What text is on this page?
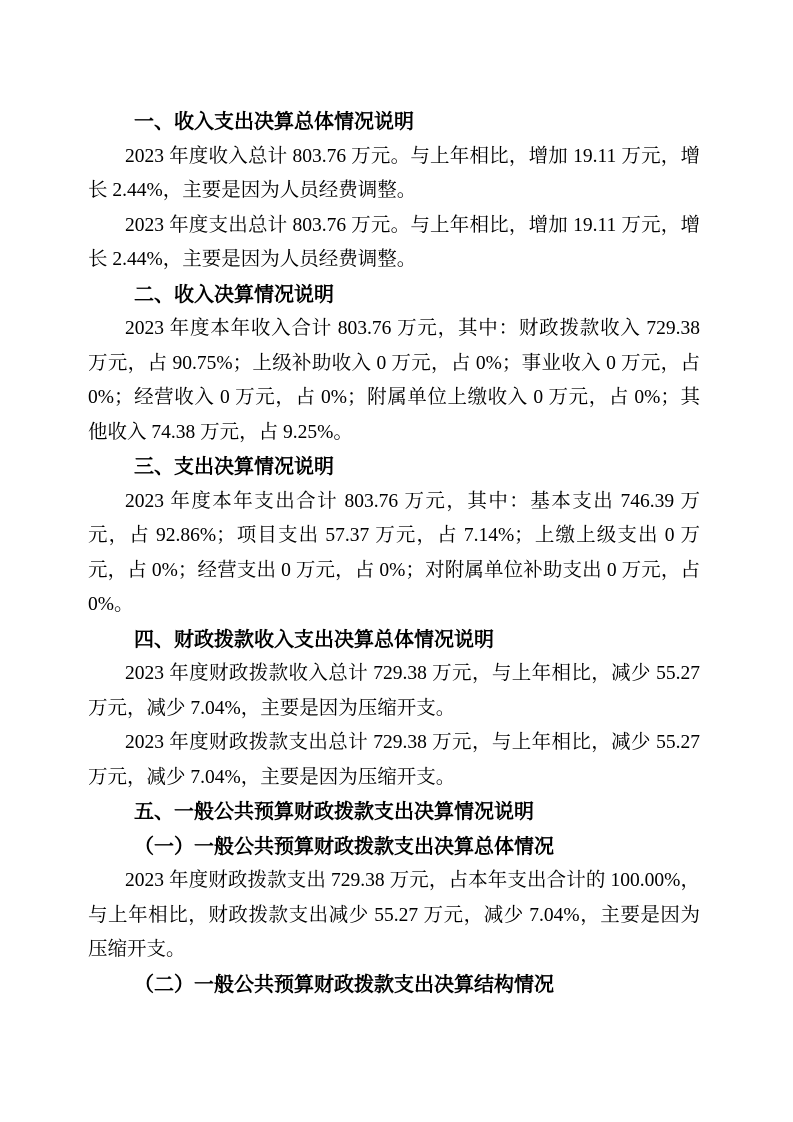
一、收入支出决算总体情况说明

2023 年度收入总计 803.76 万元。与上年相比，增加 19.11 万元，增长 2.44%，主要是因为人员经费调整。

2023 年度支出总计 803.76 万元。与上年相比，增加 19.11 万元，增长 2.44%，主要是因为人员经费调整。

二、收入决算情况说明

2023 年度本年收入合计 803.76 万元，其中：财政拨款收入 729.38 万元，占 90.75%；上级补助收入 0 万元，占 0%；事业收入 0 万元，占 0%；经营收入 0 万元，占 0%；附属单位上缴收入 0 万元，占 0%；其他收入 74.38 万元，占 9.25%。

三、支出决算情况说明

2023 年度本年支出合计 803.76 万元，其中：基本支出 746.39 万元，占 92.86%；项目支出 57.37 万元，占 7.14%；上缴上级支出 0 万元，占 0%；经营支出 0 万元，占 0%；对附属单位补助支出 0 万元，占 0%。

四、财政拨款收入支出决算总体情况说明

2023 年度财政拨款收入总计 729.38 万元，与上年相比，减少 55.27 万元，减少 7.04%，主要是因为压缩开支。

2023 年度财政拨款支出总计 729.38 万元，与上年相比，减少 55.27 万元，减少 7.04%，主要是因为压缩开支。

五、一般公共预算财政拨款支出决算情况说明
（一）一般公共预算财政拨款支出决算总体情况

2023 年度财政拨款支出 729.38 万元，占本年支出合计的 100.00%，与上年相比，财政拨款支出减少 55.27 万元，减少 7.04%，主要是因为压缩开支。

（二）一般公共预算财政拨款支出决算结构情况
